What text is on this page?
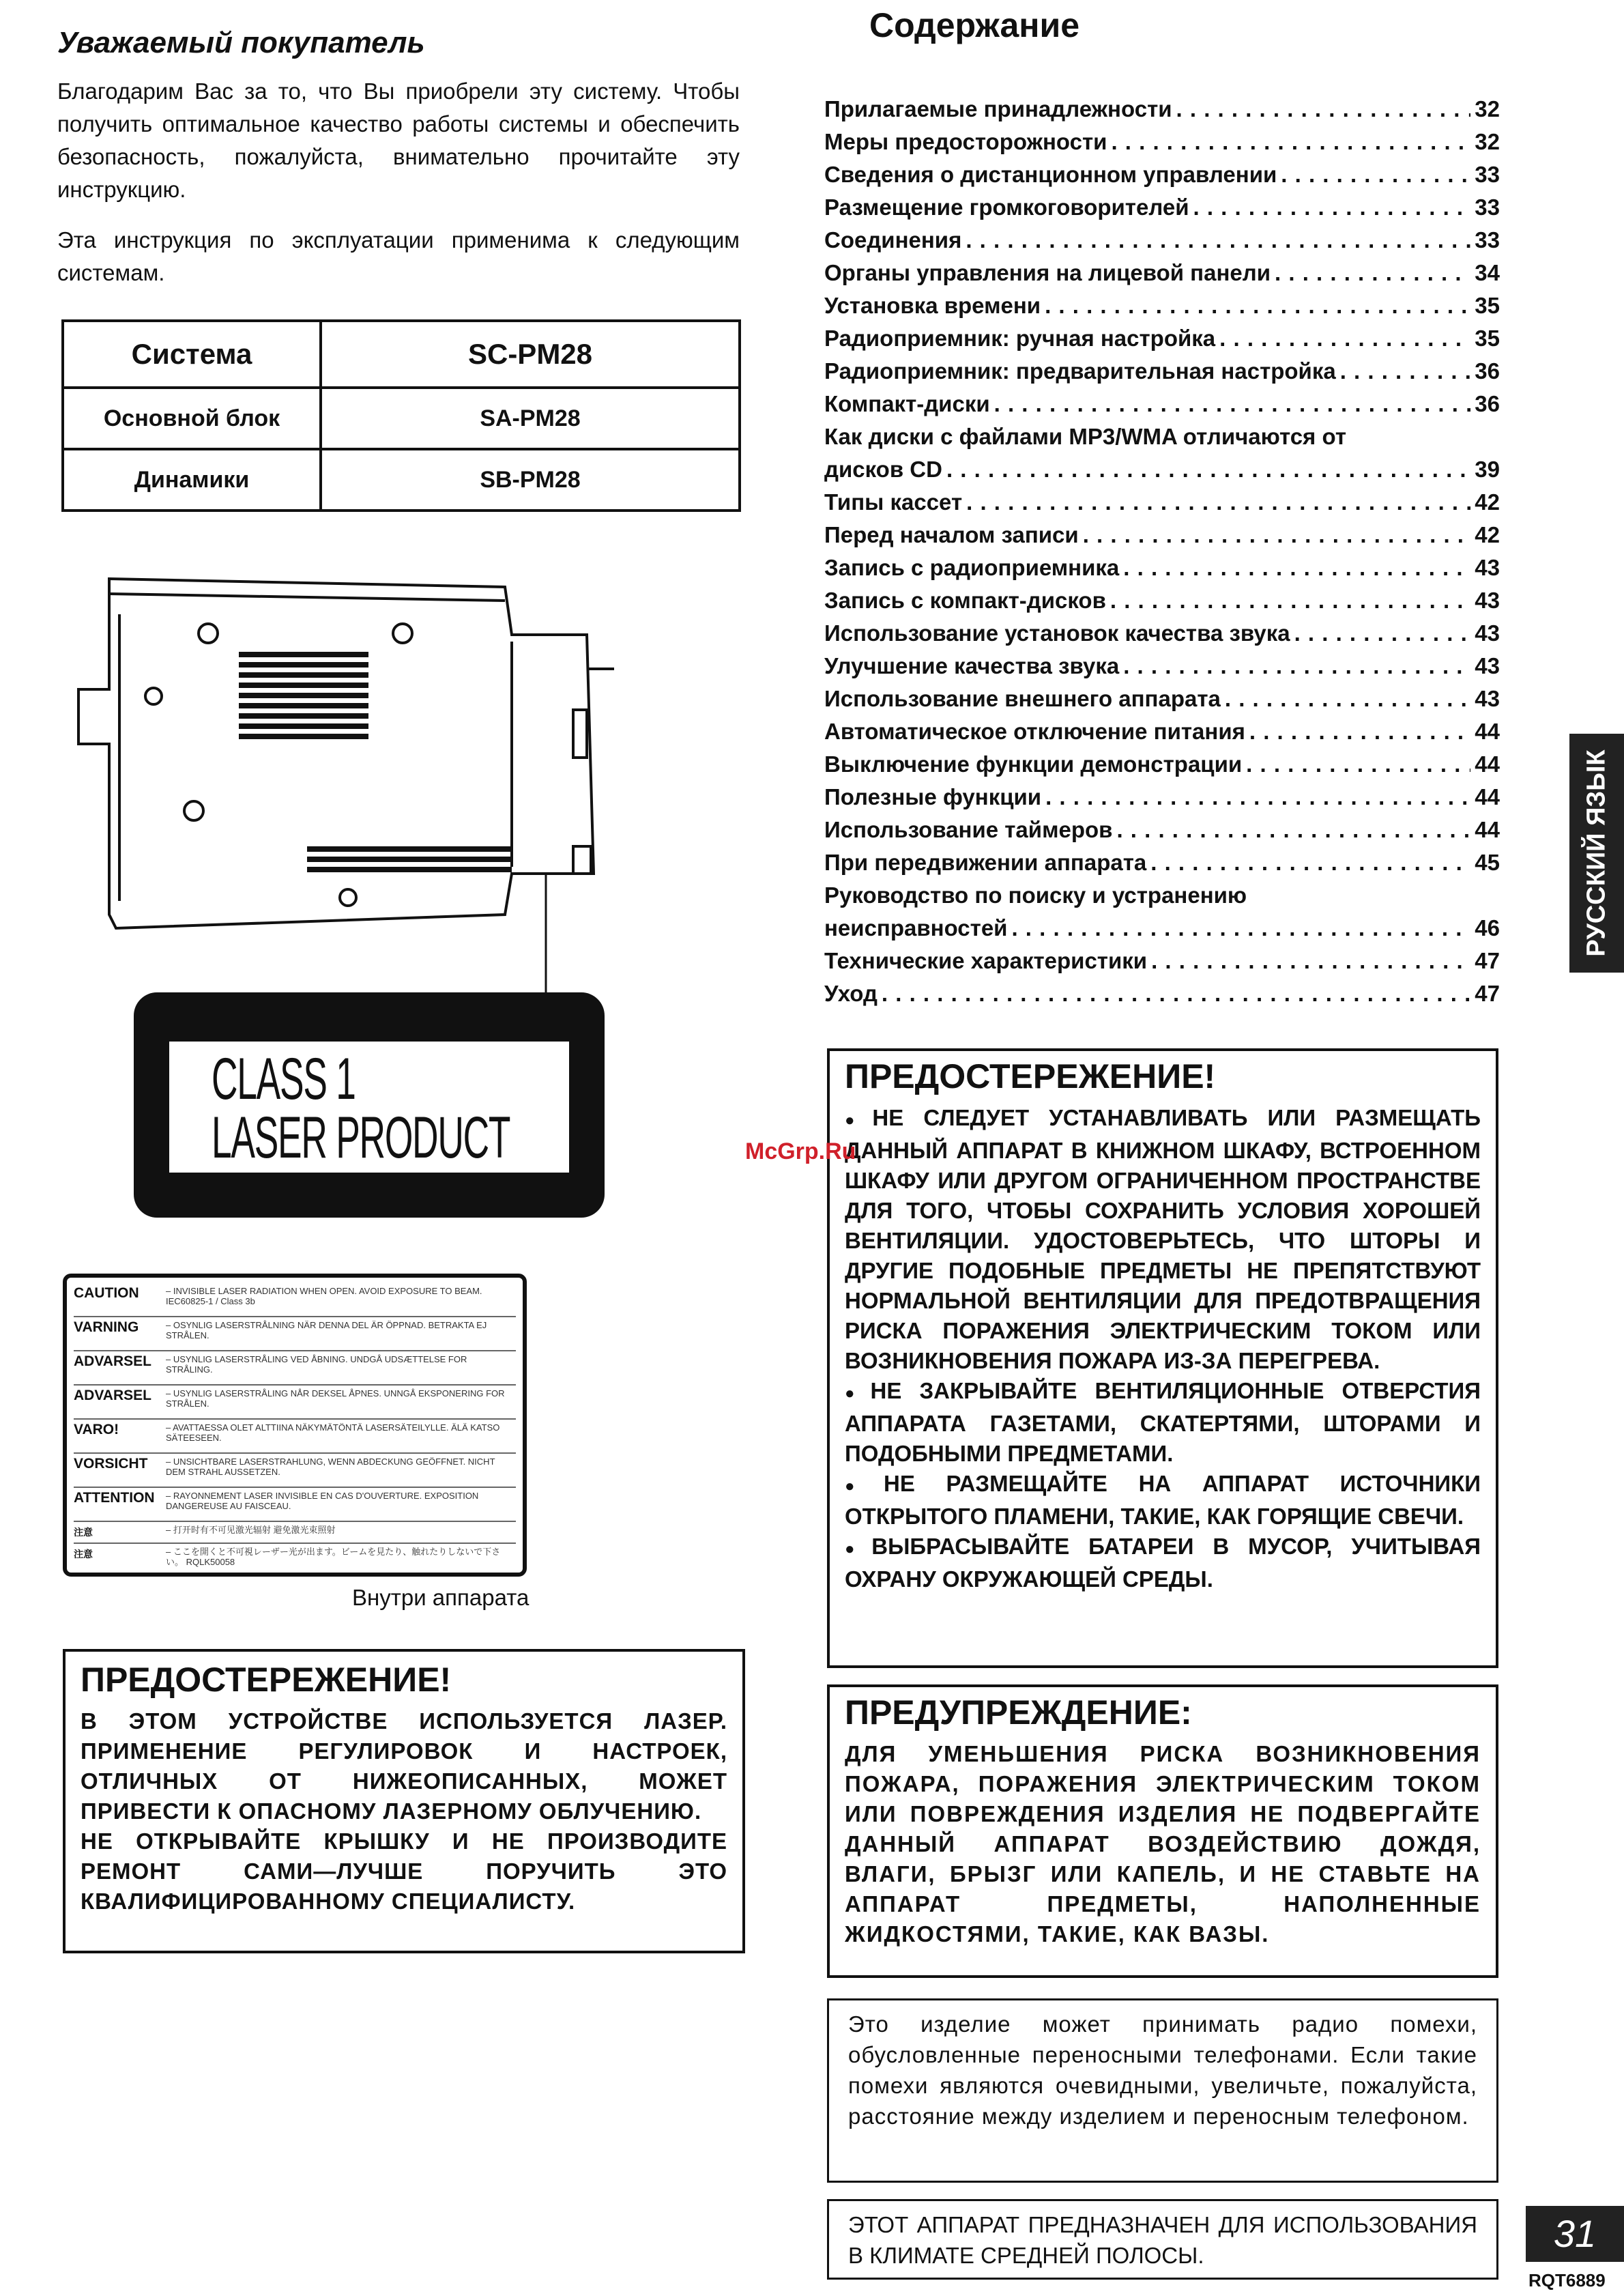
Уважаемый покупатель
Благодарим Вас за то, что Вы приобрели эту систему. Чтобы получить оптимальное качество работы системы и обеспечить безопасность, пожалуйста, внимательно прочитайте эту инструкцию.
Эта инструкция по эксплуатации применима к следующим системам.
Система	SC-PM28
Основной блок	SA-PM28
Динамики	SB-PM28
CLASS 1
LASER PRODUCT
CAUTION	– INVISIBLE LASER RADIATION WHEN OPEN. AVOID EXPOSURE TO BEAM. IEC60825-1 / Class 3b
VARNING	– OSYNLIG LASERSTRÅLNING NÄR DENNA DEL ÄR ÖPPNAD. BETRAKTA EJ STRÅLEN.
ADVARSEL	– USYNLIG LASERSTRÅLING VED ÅBNING. UNDGÅ UDSÆTTELSE FOR STRÅLING.
ADVARSEL	– USYNLIG LASERSTRÅLING NÅR DEKSEL ÅPNES. UNNGÅ EKSPONERING FOR STRÅLEN.
VARO!	– AVATTAESSA OLET ALTTIINA NÄKYMÄTÖNTÄ LASERSÄTEILYLLE. ÄLÄ KATSO SÄTEESEEN.
VORSICHT	– UNSICHTBARE LASERSTRAHLUNG, WENN ABDECKUNG GEÖFFNET. NICHT DEM STRAHL AUSSETZEN.
ATTENTION	– RAYONNEMENT LASER INVISIBLE EN CAS D'OUVERTURE. EXPOSITION DANGEREUSE AU FAISCEAU.
注意	– 打开时有不可见激光辐射 避免激光束照射
注意	– ここを開くと不可視レーザー光が出ます。ビームを見たり、触れたりしないで下さい。 RQLK50058
Внутри аппарата
ПРЕДОСТЕРЕЖЕНИЕ!
В ЭТОМ УСТРОЙСТВЕ ИСПОЛЬЗУЕТСЯ ЛАЗЕР. ПРИМЕНЕНИЕ РЕГУЛИРОВОК И НАСТРОЕК, ОТЛИЧНЫХ ОТ НИЖЕОПИСАННЫХ, МОЖЕТ ПРИВЕСТИ К ОПАСНОМУ ЛАЗЕРНОМУ ОБЛУЧЕНИЮ.
НЕ ОТКРЫВАЙТЕ КРЫШКУ И НЕ ПРОИЗВОДИТЕ РЕМОНТ САМИ—ЛУЧШЕ ПОРУЧИТЬ ЭТО КВАЛИФИЦИРОВАННОМУ СПЕЦИАЛИСТУ.
Содержание
Прилагаемые принадлежности . . .	32
Меры предосторожности . . .	32
Сведения о дистанционном управлении . . .	33
Размещение громкоговорителей . . .	33
Соединения . . .	33
Органы управления на лицевой панели . . .	34
Установка времени . . .	35
Радиоприемник: ручная настройка . . .	35
Радиоприемник: предварительная настройка . . .	36
Компакт-диски . . .	36
Как диски с файлами MP3/WMA отличаются от
дисков CD . . .	39
Типы кассет . . .	42
Перед началом записи . . .	42
Запись с радиоприемника . . .	43
Запись с компакт-дисков . . .	43
Использование установок качества звука . . .	43
Улучшение качества звука . . .	43
Использование внешнего аппарата . . .	43
Автоматическое отключение питания . . .	44
Выключение функции демонстрации . . .	44
Полезные функции . . .	44
Использование таймеров . . .	44
При передвижении аппарата . . .	45
Руководство по поиску и устранению
неисправностей . . .	46
Технические характеристики . . .	47
Уход . . .	47
ПРЕДОСТЕРЕЖЕНИЕ!
● НЕ СЛЕДУЕТ УСТАНАВЛИВАТЬ ИЛИ РАЗМЕЩАТЬ ДАННЫЙ АППАРАТ В КНИЖНОМ ШКАФУ, ВСТРОЕННОМ ШКАФУ ИЛИ ДРУГОМ ОГРАНИЧЕННОМ ПРОСТРАНСТВЕ ДЛЯ ТОГО, ЧТОБЫ СОХРАНИТЬ УСЛОВИЯ ХОРОШЕЙ ВЕНТИЛЯЦИИ. УДОСТОВЕРЬТЕСЬ, ЧТО ШТОРЫ И ДРУГИЕ ПОДОБНЫЕ ПРЕДМЕТЫ НЕ ПРЕПЯТСТВУЮТ НОРМАЛЬНОЙ ВЕНТИЛЯЦИИ ДЛЯ ПРЕДОТВРАЩЕНИЯ РИСКА ПОРАЖЕНИЯ ЭЛЕКТРИЧЕСКИМ ТОКОМ ИЛИ ВОЗНИКНОВЕНИЯ ПОЖАРА ИЗ-ЗА ПЕРЕГРЕВА.
● НЕ ЗАКРЫВАЙТЕ ВЕНТИЛЯЦИОННЫЕ ОТВЕРСТИЯ АППАРАТА ГАЗЕТАМИ, СКАТЕРТЯМИ, ШТОРАМИ И ПОДОБНЫМИ ПРЕДМЕТАМИ.
● НЕ РАЗМЕЩАЙТЕ НА АППАРАТ ИСТОЧНИКИ ОТКРЫТОГО ПЛАМЕНИ, ТАКИЕ, КАК ГОРЯЩИЕ СВЕЧИ.
● ВЫБРАСЫВАЙТЕ БАТАРЕИ В МУСОР, УЧИТЫВАЯ ОХРАНУ ОКРУЖАЮЩЕЙ СРЕДЫ.
ПРЕДУПРЕЖДЕНИЕ:
ДЛЯ УМЕНЬШЕНИЯ РИСКА ВОЗНИКНОВЕНИЯ ПОЖАРА, ПОРАЖЕНИЯ ЭЛЕКТРИЧЕСКИМ ТОКОМ ИЛИ ПОВРЕЖДЕНИЯ ИЗДЕЛИЯ НЕ ПОДВЕРГАЙТЕ ДАННЫЙ АППАРАТ ВОЗДЕЙСТВИЮ ДОЖДЯ, ВЛАГИ, БРЫЗГ ИЛИ КАПЕЛЬ, И НЕ СТАВЬТЕ НА АППАРАТ ПРЕДМЕТЫ, НАПОЛНЕННЫЕ ЖИДКОСТЯМИ, ТАКИЕ, КАК ВАЗЫ.
Это изделие может принимать радио помехи, обусловленные переносными телефонами. Если такие помехи являются очевидными, увеличьте, пожалуйста, расстояние между изделием и переносным телефоном.
ЭТОТ АППАРАТ ПРЕДНАЗНАЧЕН ДЛЯ ИСПОЛЬЗОВАНИЯ В КЛИМАТЕ СРЕДНЕЙ ПОЛОСЫ.
РУССКИЙ ЯЗЫК
31
RQT6889
McGrp.Ru
